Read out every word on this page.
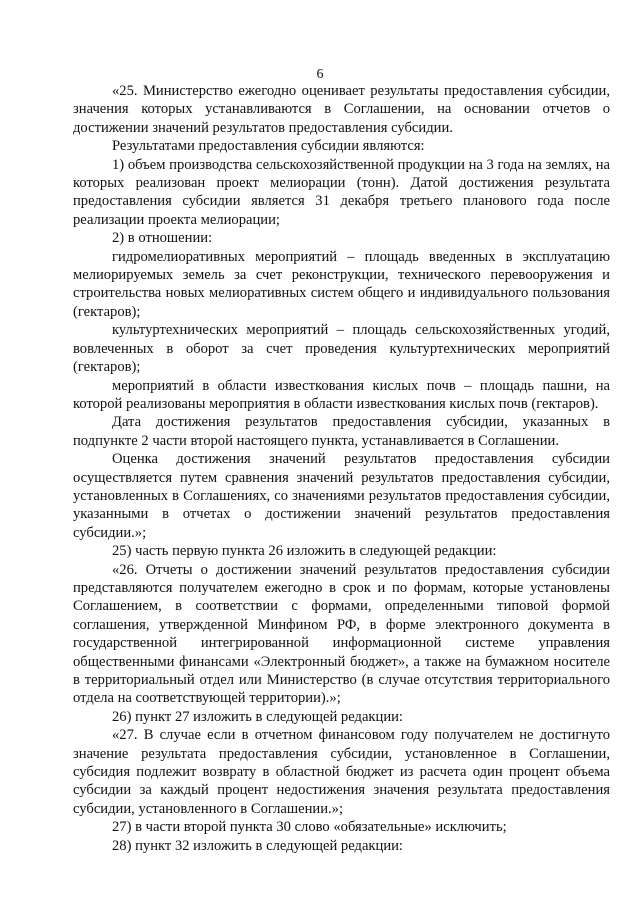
6

«25. Министерство ежегодно оценивает результаты предоставления субсидии, значения которых устанавливаются в Соглашении, на основании отчетов о достижении значений результатов предоставления субсидии.

Результатами предоставления субсидии являются:

1) объем производства сельскохозяйственной продукции на 3 года на землях, на которых реализован проект мелиорации (тонн). Датой достижения результата предоставления субсидии является 31 декабря третьего планового года после реализации проекта мелиорации;

2) в отношении:

гидромелиоративных мероприятий – площадь введенных в эксплуатацию мелиорируемых земель за счет реконструкции, технического перевооружения и строительства новых мелиоративных систем общего и индивидуального пользования (гектаров);

культуртехнических мероприятий – площадь сельскохозяйственных угодий, вовлеченных в оборот за счет проведения культуртехнических мероприятий (гектаров);

мероприятий в области известкования кислых почв – площадь пашни, на которой реализованы мероприятия в области известкования кислых почв (гектаров).

Дата достижения результатов предоставления субсидии, указанных в подпункте 2 части второй настоящего пункта, устанавливается в Соглашении.

Оценка достижения значений результатов предоставления субсидии осуществляется путем сравнения значений результатов предоставления субсидии, установленных в Соглашениях, со значениями результатов предоставления субсидии, указанными в отчетах о достижении значений результатов предоставления субсидии.»;

25) часть первую пункта 26 изложить в следующей редакции:

«26. Отчеты о достижении значений результатов предоставления субсидии представляются получателем ежегодно в срок и по формам, которые установлены Соглашением, в соответствии с формами, определенными типовой формой соглашения, утвержденной Минфином РФ, в форме электронного документа в государственной интегрированной информационной системе управления общественными финансами «Электронный бюджет», а также на бумажном носителе в территориальный отдел или Министерство (в случае отсутствия территориального отдела на соответствующей территории).»;

26) пункт 27 изложить в следующей редакции:

«27. В случае если в отчетном финансовом году получателем не достигнуто значение результата предоставления субсидии, установленное в Соглашении, субсидия подлежит возврату в областной бюджет из расчета один процент объема субсидии за каждый процент недостижения значения результата предоставления субсидии, установленного в Соглашении.»;

27) в части второй пункта 30 слово «обязательные» исключить;

28) пункт 32 изложить в следующей редакции:
